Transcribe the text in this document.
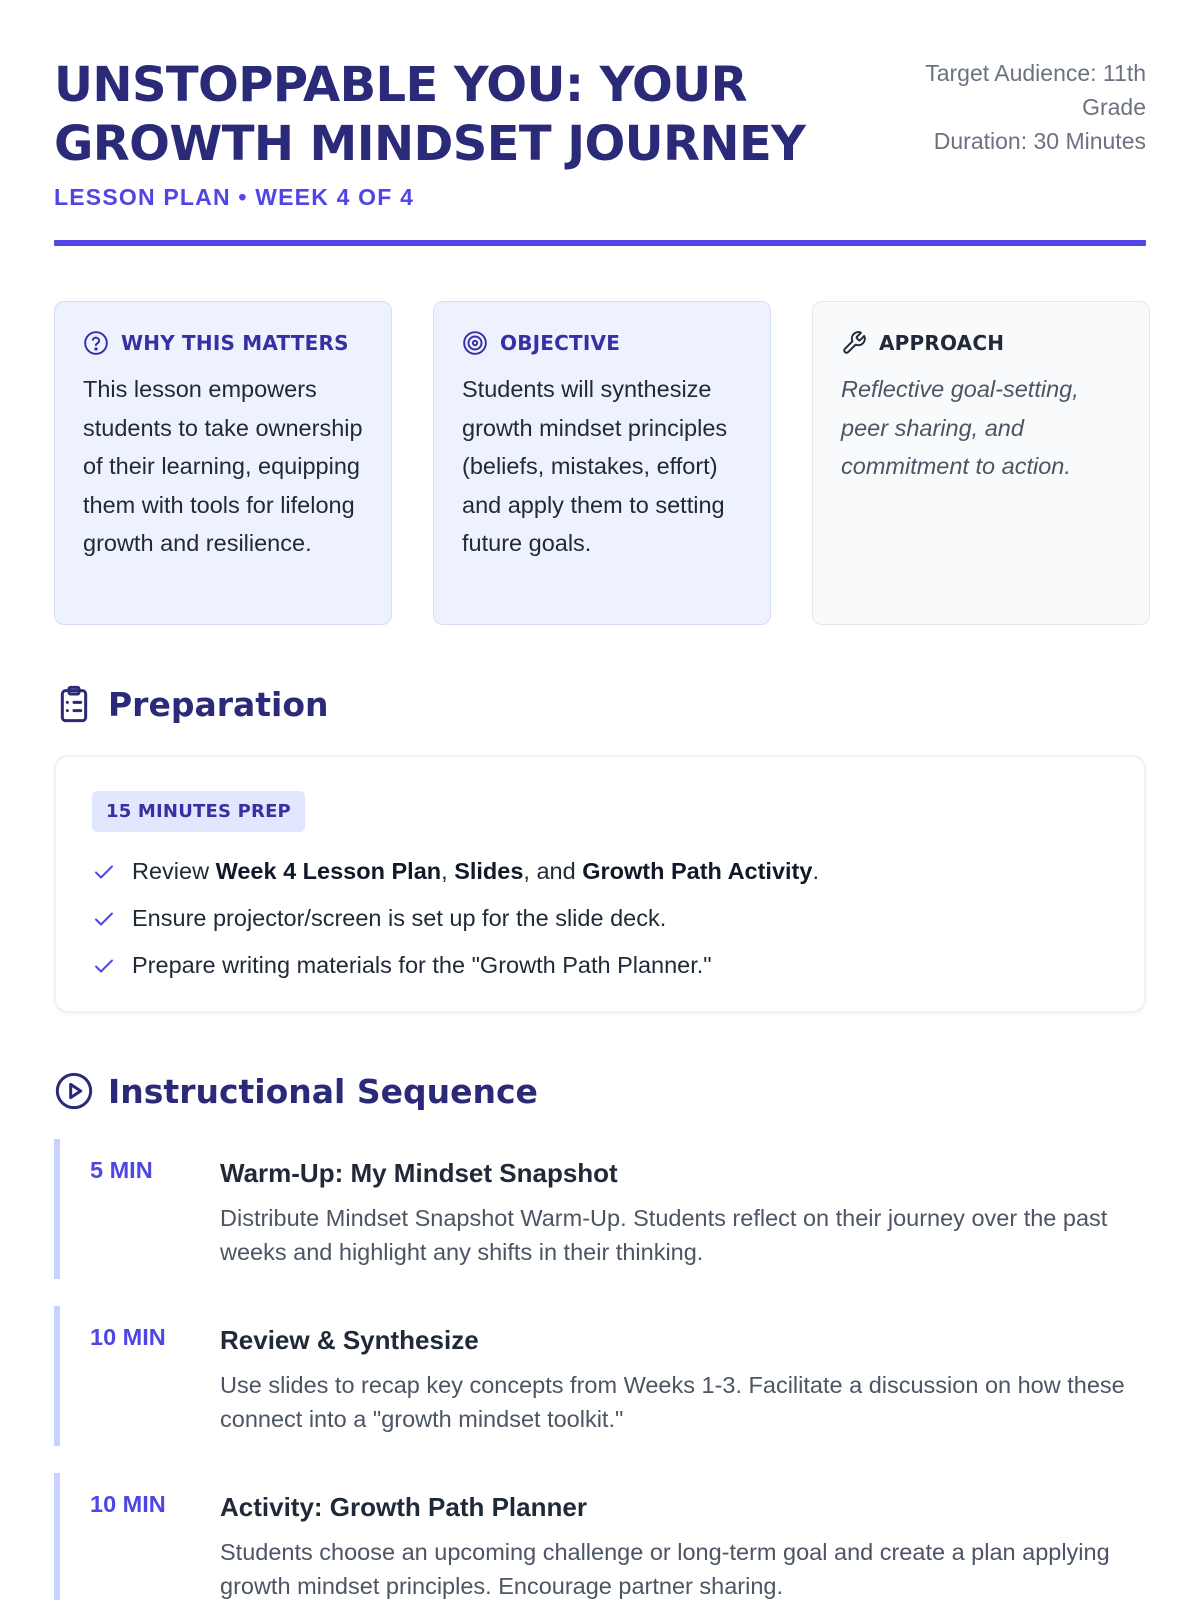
UNSTOPPABLE YOU: YOUR GROWTH MINDSET JOURNEY
LESSON PLAN • WEEK 4 OF 4
Target Audience: 11th Grade
Duration: 30 Minutes
WHY THIS MATTERS

This lesson empowers students to take ownership of their learning, equipping them with tools for lifelong growth and resilience.

OBJECTIVE

Students will synthesize growth mindset principles (beliefs, mistakes, effort) and apply them to setting future goals.

APPROACH

Reflective goal-setting, peer sharing, and commitment to action.

Preparation
15 MINUTES PREP
Review Week 4 Lesson Plan, Slides, and Growth Path Activity.
Ensure projector/screen is set up for the slide deck.
Prepare writing materials for the "Growth Path Planner."
Instructional Sequence
5 MIN	Warm-Up: My Mindset Snapshot
Distribute Mindset Snapshot Warm-Up. Students reflect on their journey over the past weeks and highlight any shifts in their thinking.
10 MIN Review & Synthesize
Use slides to recap key concepts from Weeks 1-3. Facilitate a discussion on how these connect into a "growth mindset toolkit."
10 MIN Activity: Growth Path Planner
Students choose an upcoming challenge or long-term goal and create a plan applying growth mindset principles. Encourage partner sharing.
